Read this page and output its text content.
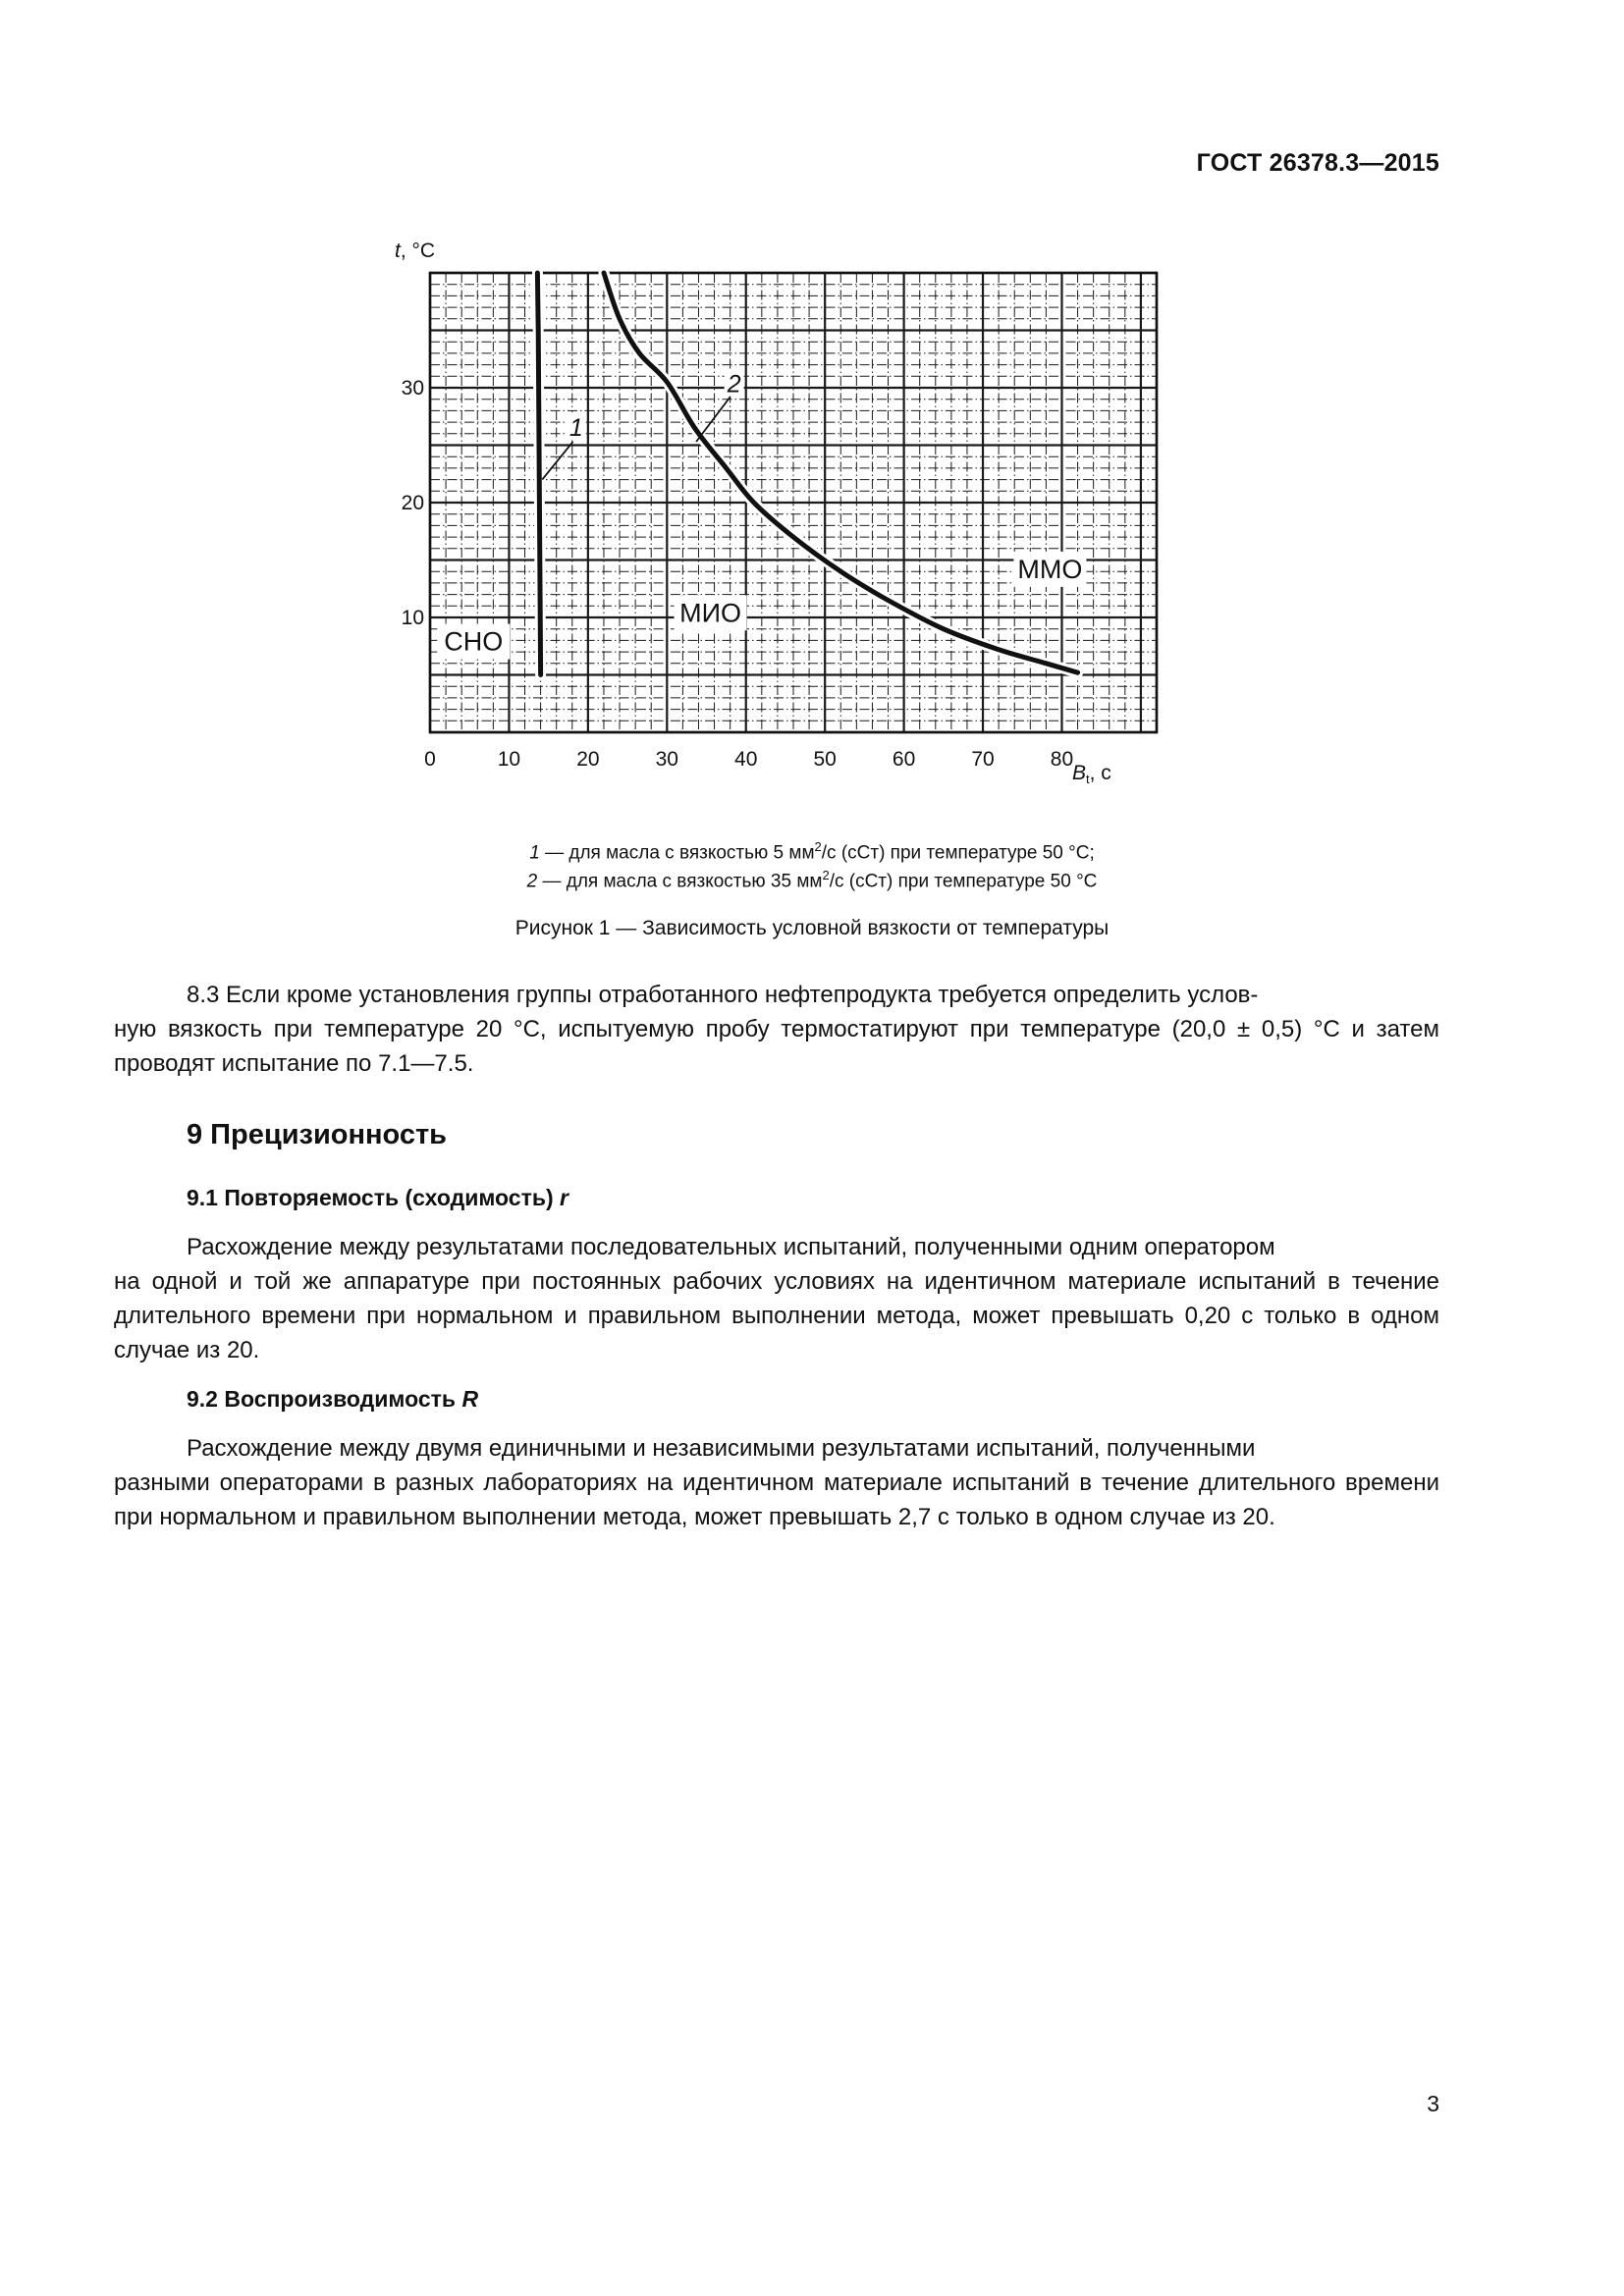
ГОСТ 26378.3—2015
t, °C
0	10	20	30	40	50	60	70	80
10
20
30
СНО
МИО
ММО
1
2
Bt, с
1 — для масла с вязкостью 5 $мм^2/с$ (сСт) при температуре 50 °С;
2 — для масла с вязкостью 35 $мм^2/с$ (сСт) при температуре 50 °С
Рисунок 1 — Зависимость условной вязкости от температуры

8.3 Если кроме установления группы отработанного нефтепродукта требуется определить услов-
ную вязкость при температуре 20 °С, испытуемую пробу термостатируют при температуре (20,0 ± 0,5) °С и затем проводят испытание по 7.1—7.5.

9 Прецизионность
9.1 Повторяемость (сходимость) r

Расхождение между результатами последовательных испытаний, полученными одним оператором
на одной и той же аппаратуре при постоянных рабочих условиях на идентичном материале испытаний в течение длительного времени при нормальном и правильном выполнении метода, может превышать 0,20 с только в одном случае из 20.

9.2 Воспроизводимость R

Расхождение между двумя единичными и независимыми результатами испытаний, полученными
разными операторами в разных лабораториях на идентичном материале испытаний в течение длительного времени при нормальном и правильном выполнении метода, может превышать 2,7 с только в одном случае из 20.

3
